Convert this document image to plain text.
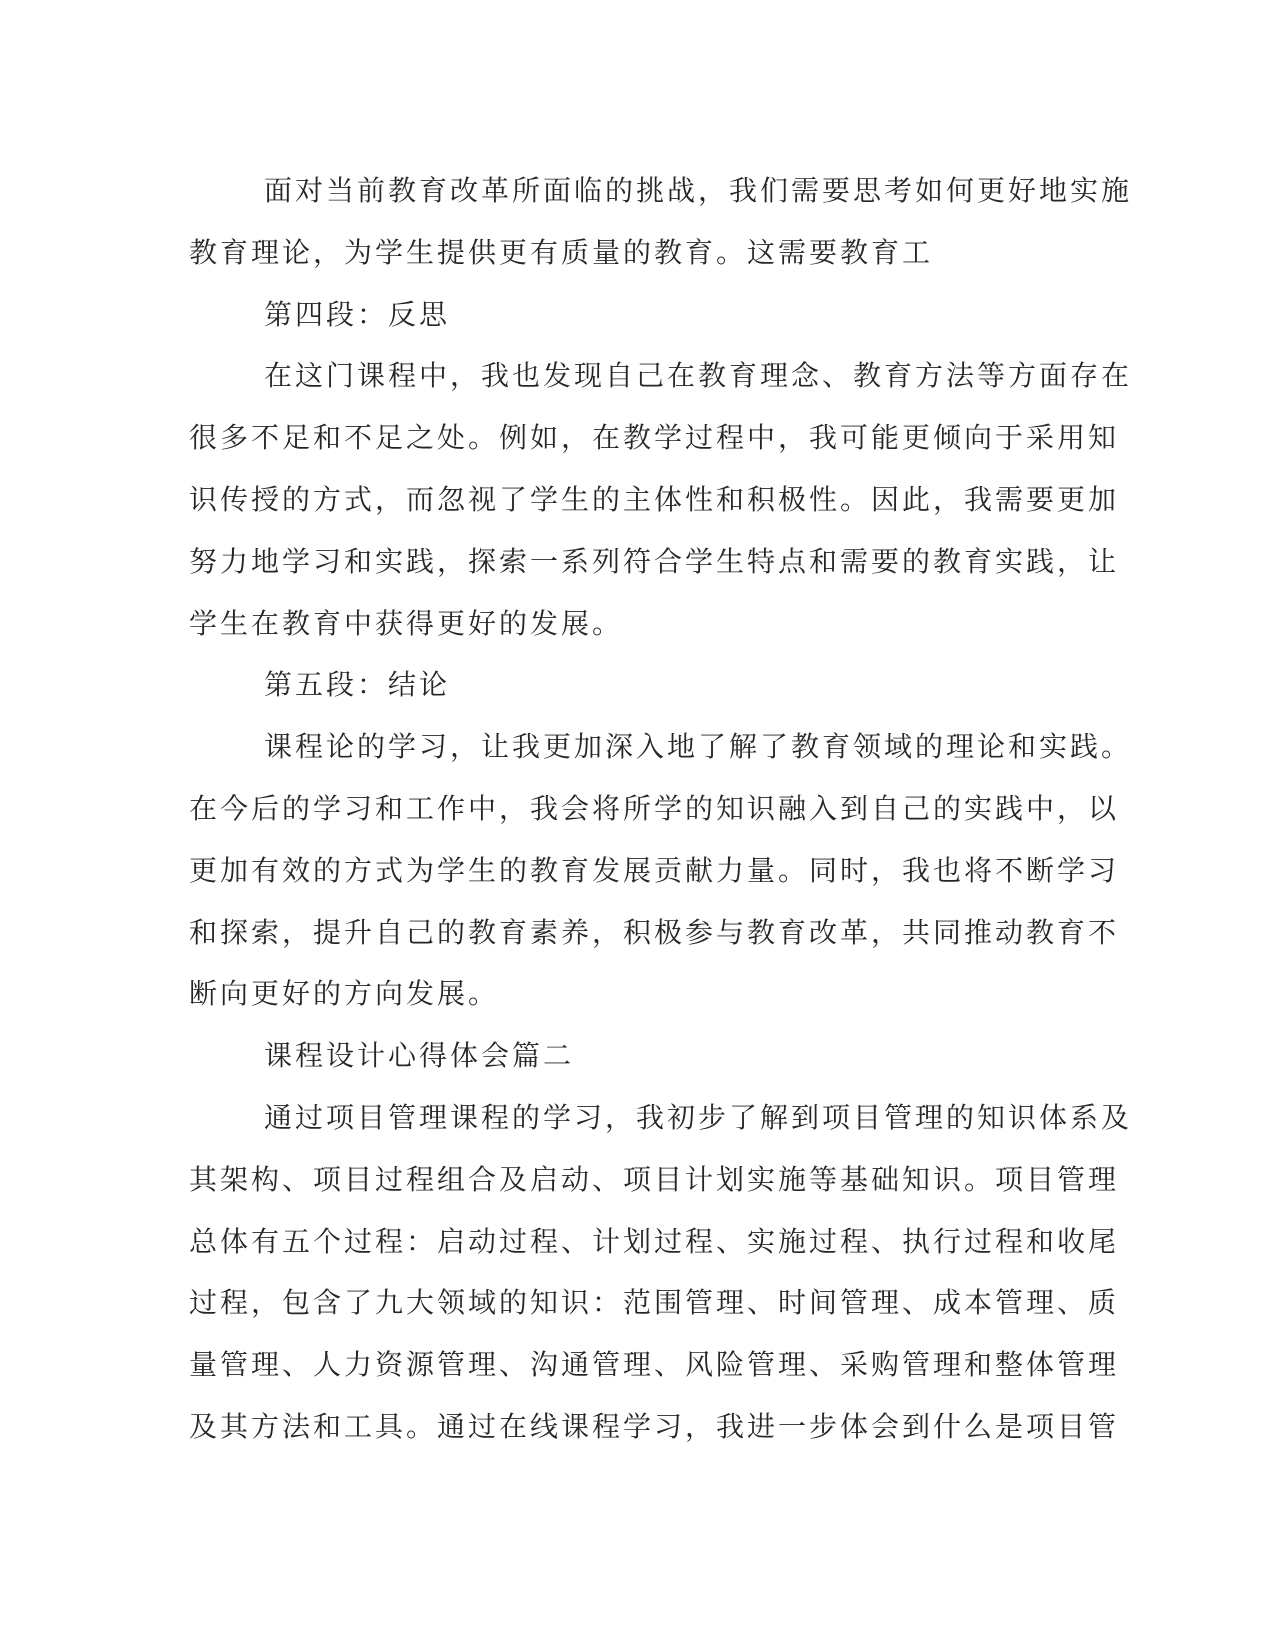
面对当前教育改革所面临的挑战，我们需要思考如何更好地实施
教育理论，为学生提供更有质量的教育。这需要教育工

第四段：反思

在这门课程中，我也发现自己在教育理念、教育方法等方面存在
很多不足和不足之处。例如，在教学过程中，我可能更倾向于采用知
识传授的方式，而忽视了学生的主体性和积极性。因此，我需要更加
努力地学习和实践，探索一系列符合学生特点和需要的教育实践，让
学生在教育中获得更好的发展。

第五段：结论

课程论的学习，让我更加深入地了解了教育领域的理论和实践。
在今后的学习和工作中，我会将所学的知识融入到自己的实践中，以
更加有效的方式为学生的教育发展贡献力量。同时，我也将不断学习
和探索，提升自己的教育素养，积极参与教育改革，共同推动教育不
断向更好的方向发展。

课程设计心得体会篇二

通过项目管理课程的学习，我初步了解到项目管理的知识体系及
其架构、项目过程组合及启动、项目计划实施等基础知识。项目管理
总体有五个过程：启动过程、计划过程、实施过程、执行过程和收尾
过程，包含了九大领域的知识：范围管理、时间管理、成本管理、质
量管理、人力资源管理、沟通管理、风险管理、采购管理和整体管理
及其方法和工具。通过在线课程学习，我进一步体会到什么是项目管
